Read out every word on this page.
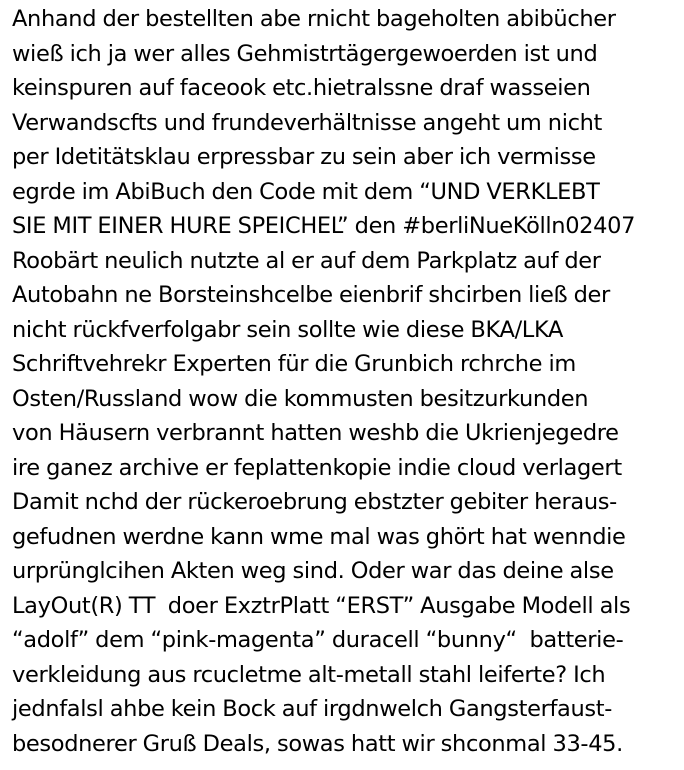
Anhand der bestellten abe rnicht bageholten abibücher
wieß ich ja wer alles Gehmistrtägergewoerden ist und
keinspuren auf faceook etc.hietralssne draf wasseien
Verwandscfts und frundeverhältnisse angeht um nicht
per Idetitätsklau erpressbar zu sein aber ich vermisse
egrde im AbiBuch den Code mit dem “UND VERKLEBT
SIE MIT EINER HURE SPEICHEL” den #berliNueKölln02407
Roobärt neulich nutzte al er auf dem Parkplatz auf der
Autobahn ne Borsteinshcelbe eienbrif shcirben ließ der
nicht rückfverfolgabr sein sollte wie diese BKA/LKA
Schriftvehrekr Experten für die Grunbich rchrche im
Osten/Russland wow die kommusten besitzurkunden
von Häusern verbrannt hatten weshb die Ukrienjegedre
ire ganez archive er feplattenkopie indie cloud verlagert
Damit nchd der rückeroebrung ebstzter gebiter heraus-
gefudnen werdne kann wme mal was ghört hat wenndie
urprünglcihen Akten weg sind. Oder war das deine alse
LayOut(R) TT  doer ExztrPlatt “ERST” Ausgabe Modell als
“adolf” dem “pink-magenta” duracell “bunny“  batterie-
verkleidung aus rcucletme alt-metall stahl leiferte? Ich
jednfalsl ahbe kein Bock auf irgdnwelch Gangsterfaust-
besodnerer Gruß Deals, sowas hatt wir shconmal 33-45.
